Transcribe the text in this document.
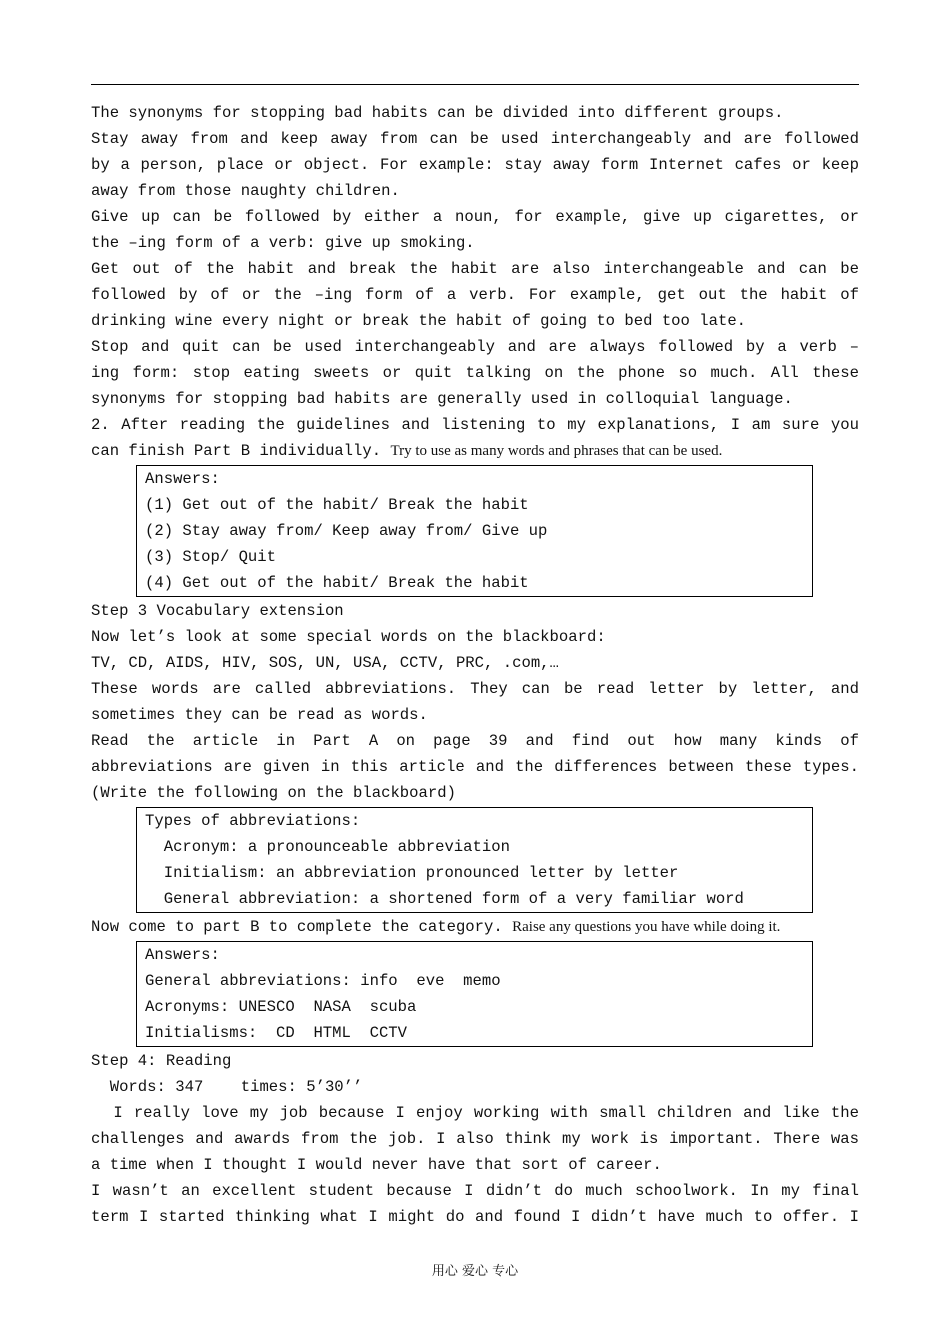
The synonyms for stopping bad habits can be divided into different groups.
Stay away from and keep away from can be used interchangeably and are followed
by a person, place or object. For example: stay away form Internet cafes or keep
away from those naughty children.
Give up can be followed by either a noun, for example, give up cigarettes, or
the –ing form of a verb: give up smoking.
Get out of the habit and break the habit are also interchangeable and can be
followed by of or the –ing form of a verb. For example, get out the habit of
drinking wine every night or break the habit of going to bed too late.
Stop and quit can be used interchangeably and are always followed by a verb –
ing form: stop eating sweets or quit talking on the phone so much. All these
synonyms for stopping bad habits are generally used in colloquial language.
2. After reading the guidelines and listening to my explanations, I am sure you
can finish Part B individually. Try to use as many words and phrases that can be used.
Answers:
(1) Get out of the habit/ Break the habit
(2) Stay away from/ Keep away from/ Give up
(3) Stop/ Quit
(4) Get out of the habit/ Break the habit
Step 3 Vocabulary extension
Now let’s look at some special words on the blackboard:
TV, CD, AIDS, HIV, SOS, UN, USA, CCTV, PRC, .com,…
These words are called abbreviations. They can be read letter by letter, and
sometimes they can be read as words.
Read the article in Part A on page 39 and find out how many kinds of
abbreviations are given in this article and the differences between these types.
(Write the following on the blackboard)
Types of abbreviations:
Acronym: a pronounceable abbreviation
Initialism: an abbreviation pronounced letter by letter
General abbreviation: a shortened form of a very familiar word
Now come to part B to complete the category. Raise any questions you have while doing it.
Answers:
General abbreviations: info  eve  memo
Acronyms: UNESCO  NASA  scuba
Initialisms:  CD  HTML  CCTV
Step 4: Reading
Words: 347    times: 5’30’’
I really love my job because I enjoy working with small children and like the
challenges and awards from the job. I also think my work is important. There was
a time when I thought I would never have that sort of career.
I wasn’t an excellent student because I didn’t do much schoolwork. In my final
term I started thinking what I might do and found I didn’t have much to offer. I
用心 爱心 专心
